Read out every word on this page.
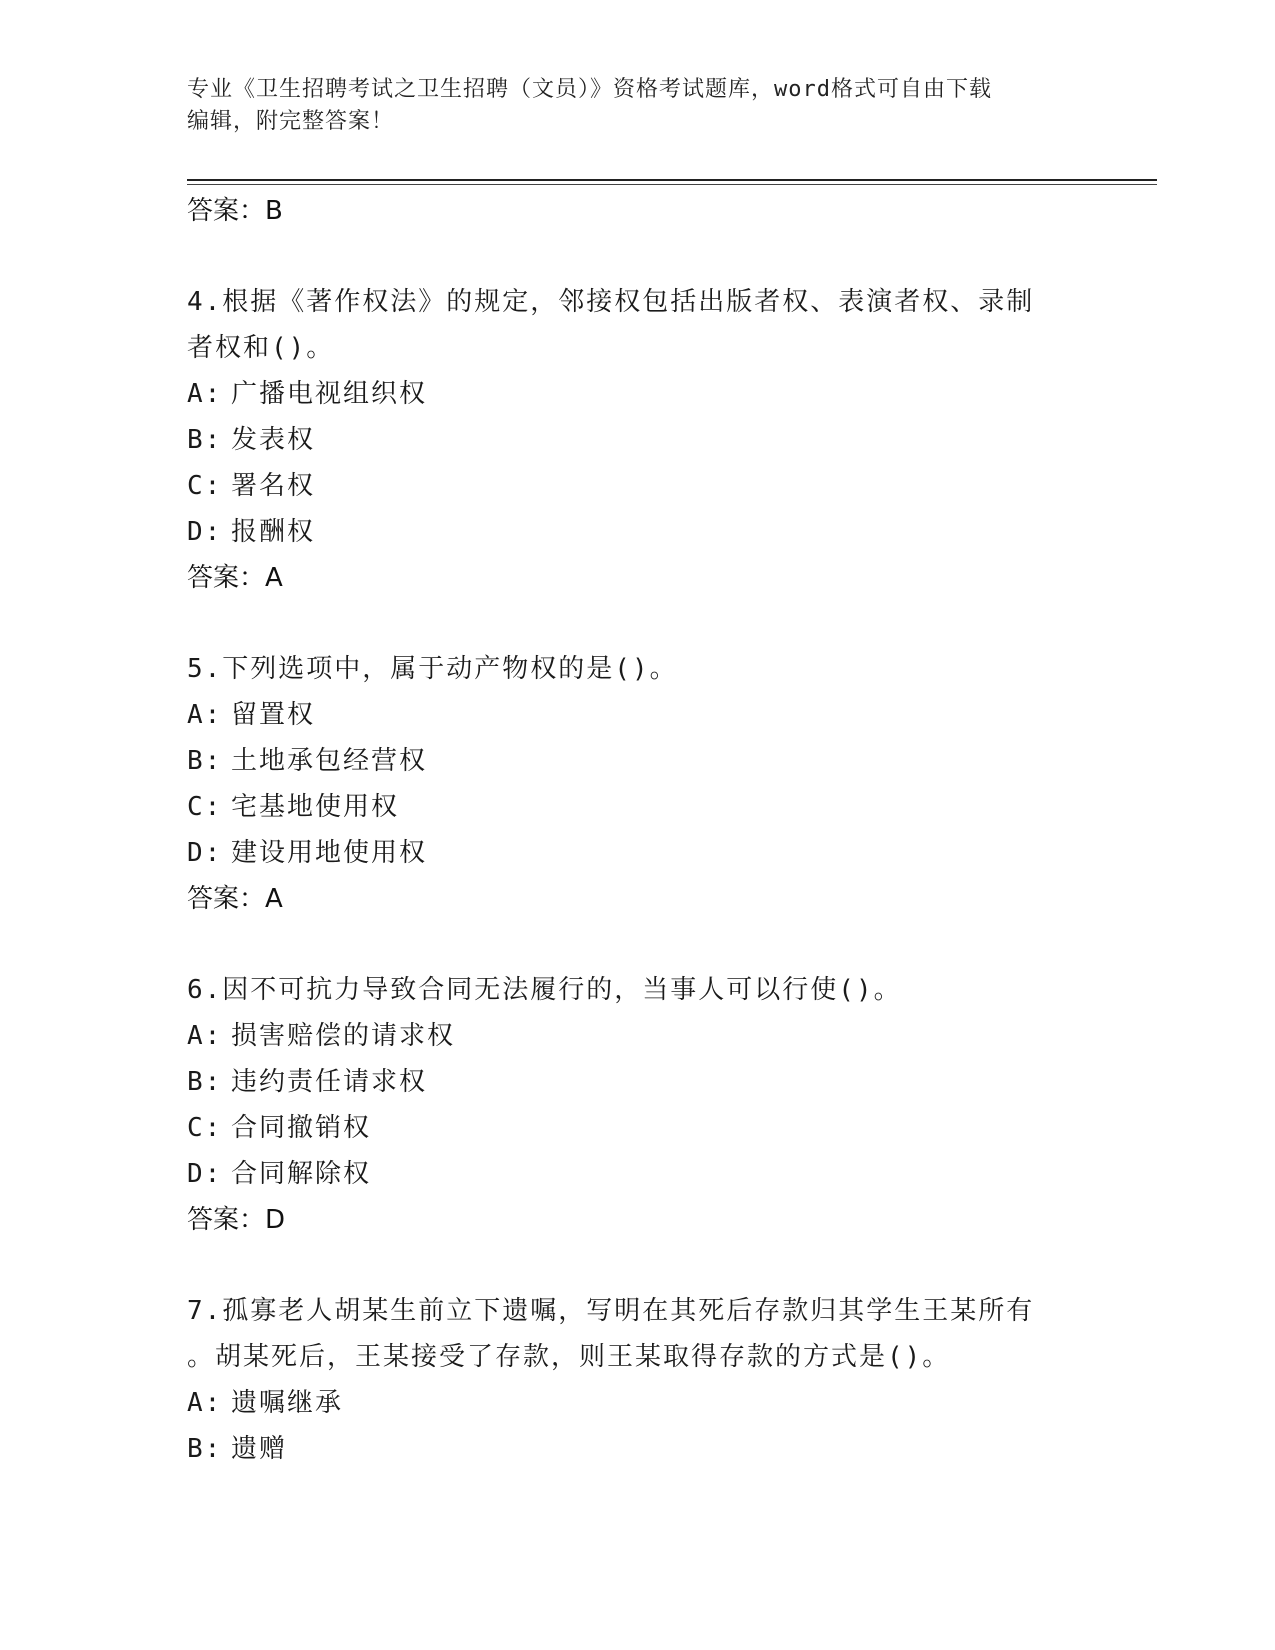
专业《卫生招聘考试之卫生招聘（文员）》资格考试题库，word格式可自由下载
编辑，附完整答案！
答案：B
4.根据《著作权法》的规定，邻接权包括出版者权、表演者权、录制
者权和()。
A: 广播电视组织权
B: 发表权
C: 署名权
D: 报酬权
答案：A
5.下列选项中，属于动产物权的是()。
A: 留置权
B: 土地承包经营权
C: 宅基地使用权
D: 建设用地使用权
答案：A
6.因不可抗力导致合同无法履行的，当事人可以行使()。
A: 损害赔偿的请求权
B: 违约责任请求权
C: 合同撤销权
D: 合同解除权
答案：D
7.孤寡老人胡某生前立下遗嘱，写明在其死后存款归其学生王某所有
。胡某死后，王某接受了存款，则王某取得存款的方式是()。
A: 遗嘱继承
B: 遗赠
